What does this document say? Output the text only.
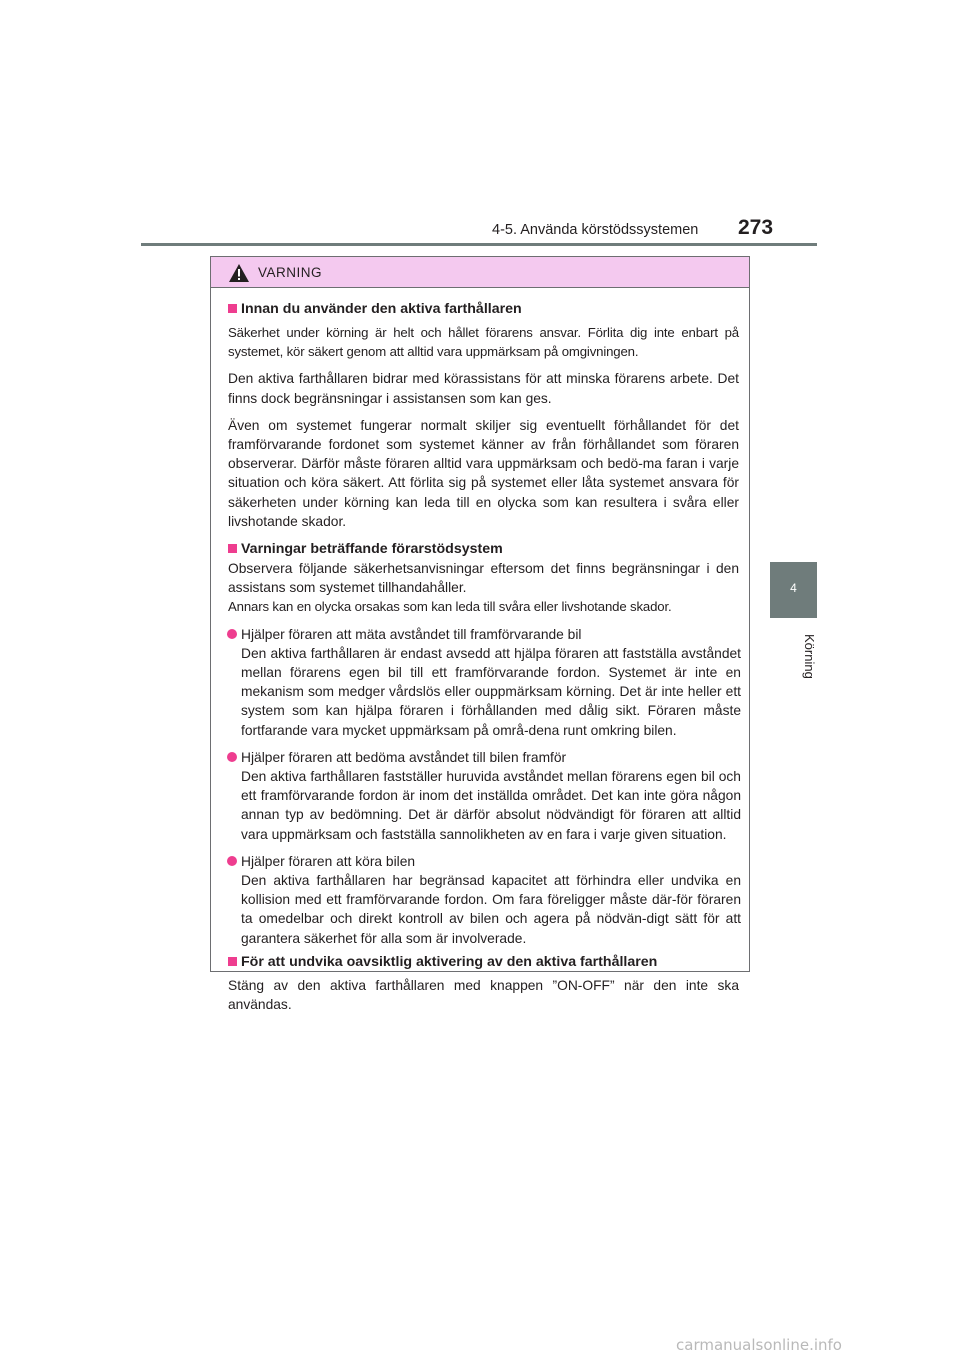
4-5. Använda körstödssystemen 273
4
Körning
VARNING
Innan du använder den aktiva farthållaren

Säkerhet under körning är helt och hållet förarens ansvar. Förlita dig inte enbart på systemet, kör säkert genom att alltid vara uppmärksam på omgivningen.

Den aktiva farthållaren bidrar med körassistans för att minska förarens arbete. Det finns dock begränsningar i assistansen som kan ges.

Även om systemet fungerar normalt skiljer sig eventuellt förhållandet för det framförvarande fordonet som systemet känner av från förhållandet som föraren observerar. Därför måste föraren alltid vara uppmärksam och bedö-ma faran i varje situation och köra säkert. Att förlita sig på systemet eller låta systemet ansvara för säkerheten under körning kan leda till en olycka som kan resultera i svåra eller livshotande skador.

Varningar beträffande förarstödsystem

Observera följande säkerhetsanvisningar eftersom det finns begränsningar i den assistans som systemet tillhandahåller.

Annars kan en olycka orsakas som kan leda till svåra eller livshotande skador.

Hjälper föraren att mäta avståndet till framförvarande bil
Den aktiva farthållaren är endast avsedd att hjälpa föraren att fastställa avståndet mellan förarens egen bil till ett framförvarande fordon. Systemet är inte en mekanism som medger vårdslös eller ouppmärksam körning. Det är inte heller ett system som kan hjälpa föraren i förhållanden med dålig sikt. Föraren måste fortfarande vara mycket uppmärksam på områ-dena runt omkring bilen.
Hjälper föraren att bedöma avståndet till bilen framför
Den aktiva farthållaren fastställer huruvida avståndet mellan förarens egen bil och ett framförvarande fordon är inom det inställda området. Det kan inte göra någon annan typ av bedömning. Det är därför absolut nödvändigt för föraren att alltid vara uppmärksam och fastställa sannolikheten av en fara i varje given situation.
Hjälper föraren att köra bilen
Den aktiva farthållaren har begränsad kapacitet att förhindra eller undvika en kollision med ett framförvarande fordon. Om fara föreligger måste där-för föraren ta omedelbar och direkt kontroll av bilen och agera på nödvän-digt sätt för att garantera säkerhet för alla som är involverade.
För att undvika oavsiktlig aktivering av den aktiva farthållaren

Stäng av den aktiva farthållaren med knappen ”ON-OFF” när den inte ska användas.

carmanualsonline.info
